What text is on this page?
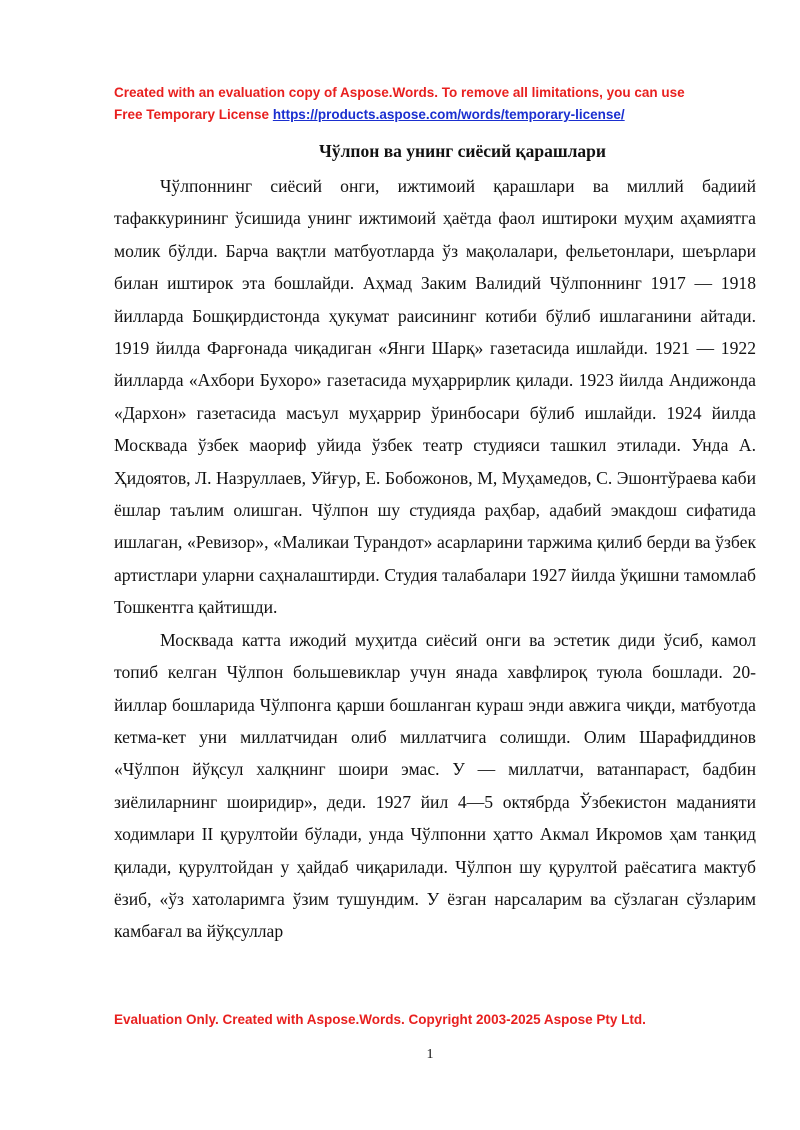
Created with an evaluation copy of Aspose.Words. To remove all limitations, you can use
Free Temporary License https://products.aspose.com/words/temporary-license/
Чўлпон ва унинг сиёсий қарашлари

Чўлпоннинг сиёсий онги, ижтимоий қарашлари ва миллий бадиий тафаккурининг ўсишида унинг ижтимоий ҳаётда фаол иштироки муҳим аҳамиятга молик бўлди. Барча вақтли матбуотларда ўз мақолалари, фельетонлари, шеърлари билан иштирок эта бошлайди. Аҳмад Заким Валидий Чўлпоннинг 1917 — 1918 йилларда Бошқирдистонда ҳукумат раисининг котиби бўлиб ишлаганини айтади. 1919 йилда Фарғонада чиқадиган «Янги Шарқ» газетасида ишлайди. 1921 — 1922 йилларда «Ахбори Бухоро» газетасида муҳаррирлик қилади. 1923 йилда Андижонда «Дархон» газетасида масъул муҳаррир ўринбосари бўлиб ишлайди. 1924 йилда Москвада ўзбек маориф уйида ўзбек театр студияси ташкил этилади. Унда А. Ҳидоятов, Л. Назруллаев, Уйғур, Е. Бобожонов, М, Муҳамедов, С. Эшонтўраева каби ёшлар таълим олишган. Чўлпон шу студияда раҳбар, адабий эмакдош сифатида ишлаган, «Ревизор», «Маликаи Турандот» асарларини таржима қилиб берди ва ўзбек артистлари уларни саҳналаштирди. Студия талабалари 1927 йилда ўқишни тамомлаб Тошкентга қайтишди.

Москвада катта ижодий муҳитда сиёсий онги ва эстетик диди ўсиб, камол топиб келган Чўлпон большевиклар учун янада хавфлироқ туюла бошлади. 20-йиллар бошларида Чўлпонга қарши бошланган кураш энди авжига чиқди, матбуотда кетма-кет уни миллатчидан олиб миллатчига солишди. Олим Шарафиддинов «Чўлпон йўқсул халқнинг шоири эмас. У — миллатчи, ватанпараст, бадбин зиёлиларнинг шоиридир», деди. 1927 йил 4—5 октябрда Ўзбекистон маданияти ходимлари II қурултойи бўлади, унда Чўлпонни ҳатто Акмал Икромов ҳам танқид қилади, қурултойдан у ҳайдаб чиқарилади. Чўлпон шу қурултой раёсатига мактуб ёзиб, «ўз хатоларимга ўзим тушундим. У ёзган нарсаларим ва сўзлаган сўзларим камбағал ва йўқсуллар

Evaluation Only. Created with Aspose.Words. Copyright 2003-2025 Aspose Pty Ltd.
1
